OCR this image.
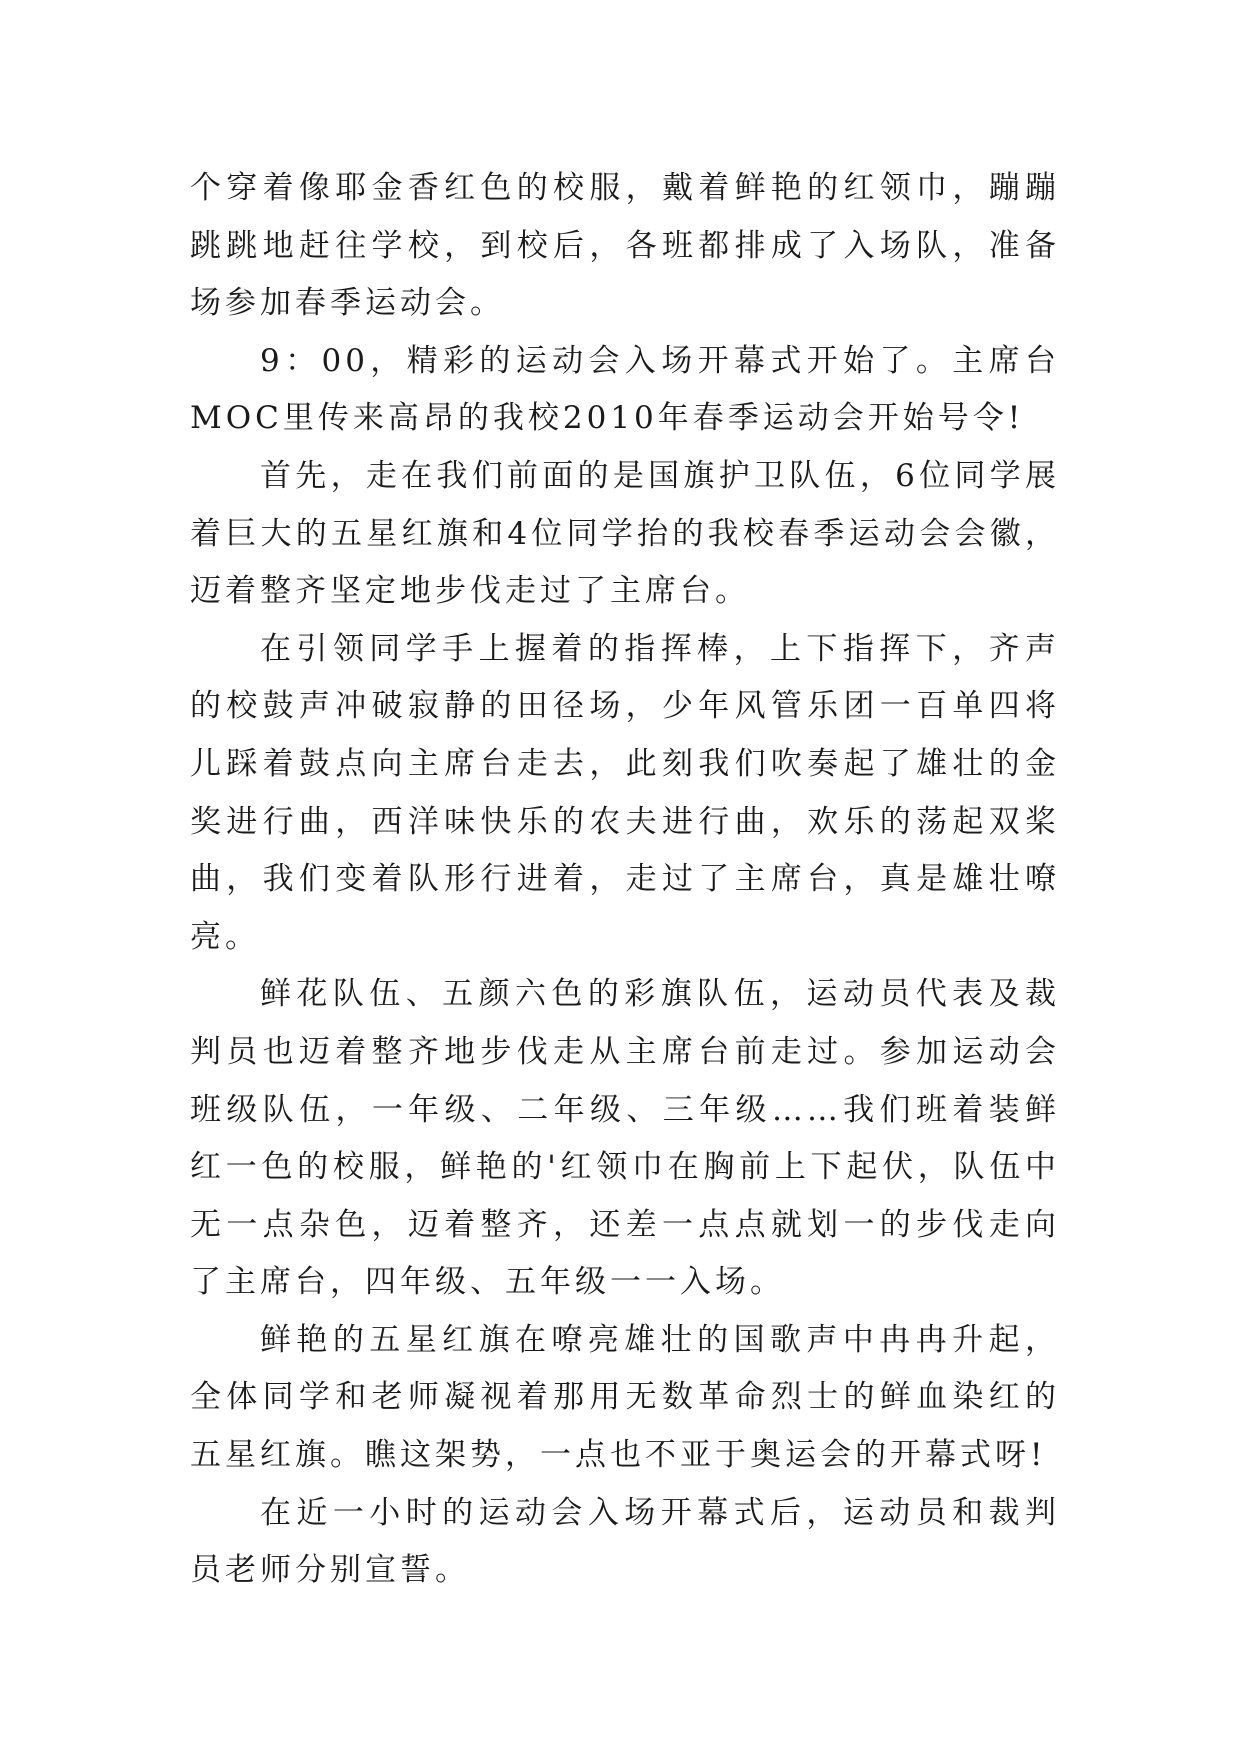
个穿着像耶金香红色的校服，戴着鲜艳的红领巾，蹦蹦跳跳地赶往学校，到校后，各班都排成了入场队，准备场参加春季运动会。

9：00，精彩的运动会入场开幕式开始了。主席台MOC里传来高昂的我校2010年春季运动会开始号令!

首先，走在我们前面的是国旗护卫队伍，6位同学展着巨大的五星红旗和4位同学抬的我校春季运动会会徽，迈着整齐坚定地步伐走过了主席台。

在引领同学手上握着的指挥棒，上下指挥下，齐声的校鼓声冲破寂静的田径场，少年风管乐团一百单四将儿踩着鼓点向主席台走去，此刻我们吹奏起了雄壮的金奖进行曲，西洋味快乐的农夫进行曲，欢乐的荡起双桨曲，我们变着队形行进着，走过了主席台，真是雄壮嘹亮。

鲜花队伍、五颜六色的彩旗队伍，运动员代表及裁判员也迈着整齐地步伐走从主席台前走过。参加运动会班级队伍，一年级、二年级、三年级……我们班着装鲜红一色的校服，鲜艳的'红领巾在胸前上下起伏，队伍中无一点杂色，迈着整齐，还差一点点就划一的步伐走向了主席台，四年级、五年级一一入场。

鲜艳的五星红旗在嘹亮雄壮的国歌声中冉冉升起，全体同学和老师凝视着那用无数革命烈士的鲜血染红的五星红旗。瞧这架势，一点也不亚于奥运会的开幕式呀!

在近一小时的运动会入场开幕式后，运动员和裁判员老师分别宣誓。
